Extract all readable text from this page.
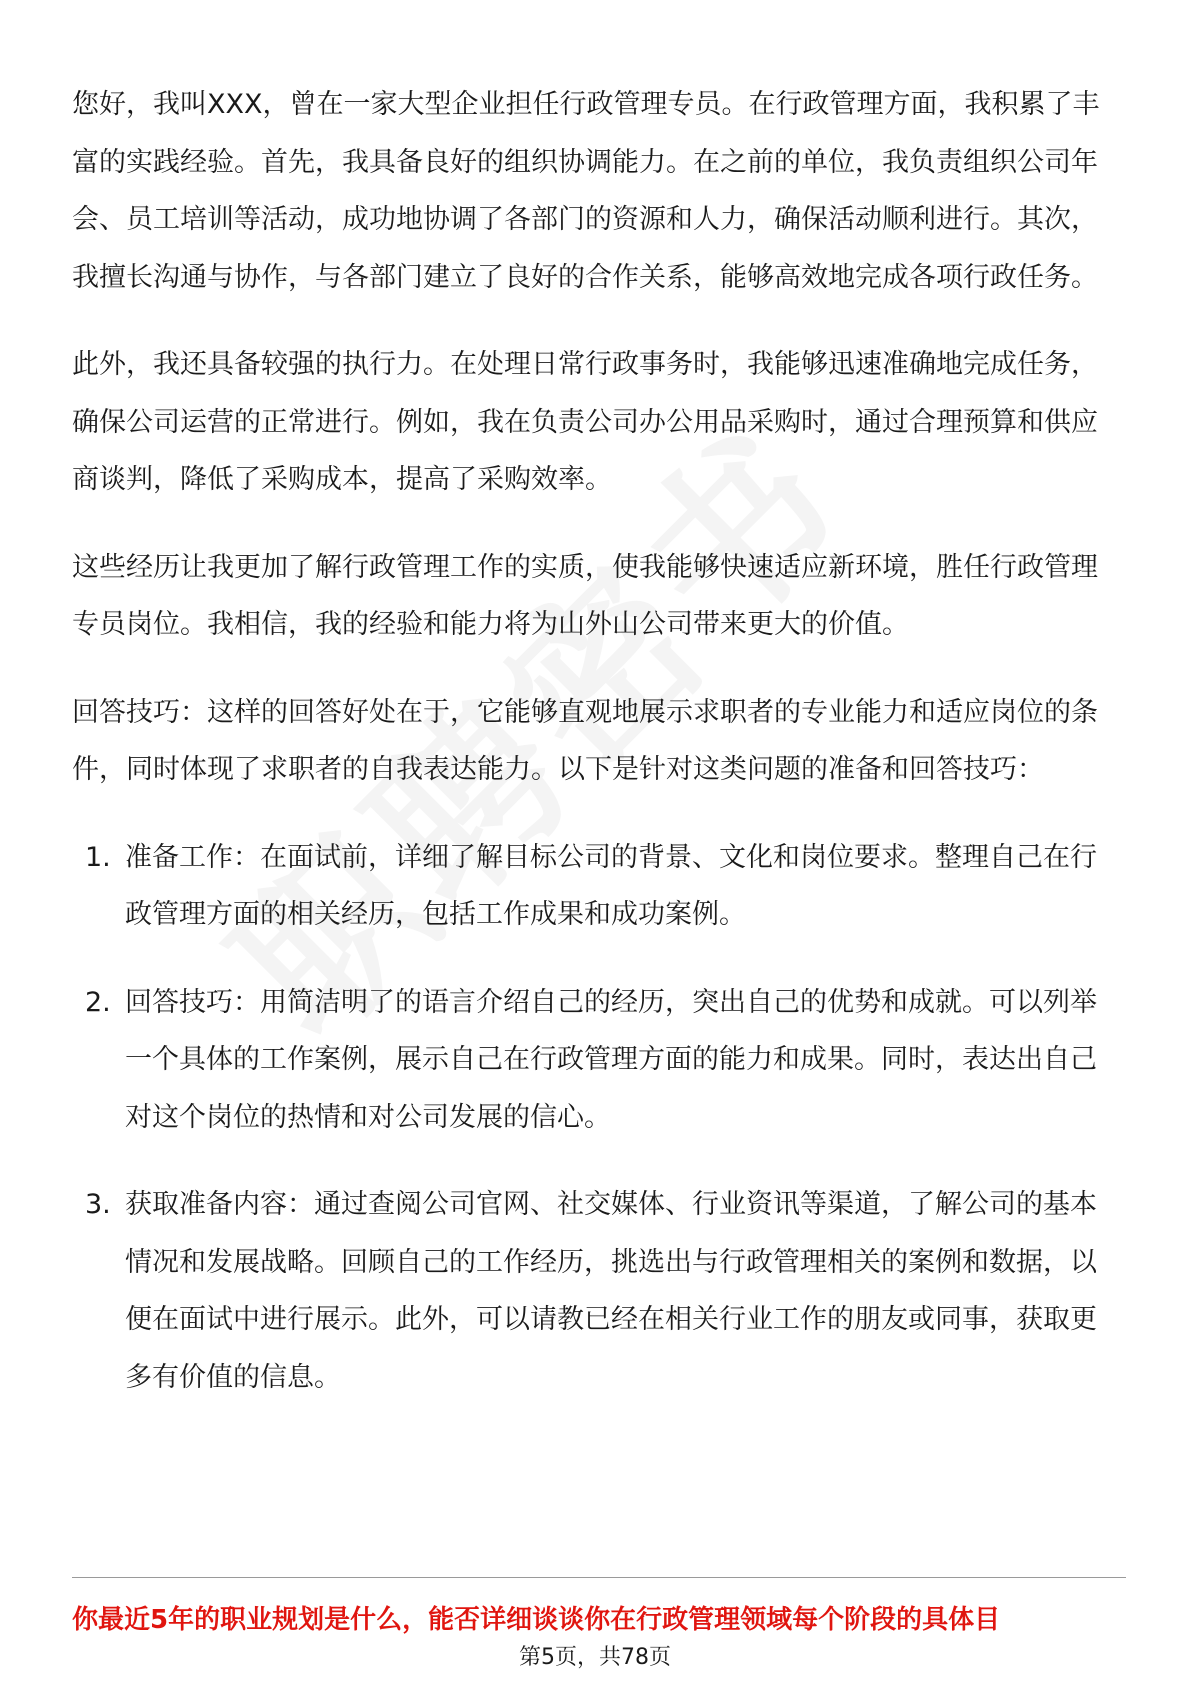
您好，我叫XXX，曾在一家大型企业担任行政管理专员。在行政管理方面，我积累了丰富的实践经验。首先，我具备良好的组织协调能力。在之前的单位，我负责组织公司年会、员工培训等活动，成功地协调了各部门的资源和人力，确保活动顺利进行。其次，我擅长沟通与协作，与各部门建立了良好的合作关系，能够高效地完成各项行政任务。

此外，我还具备较强的执行力。在处理日常行政事务时，我能够迅速准确地完成任务，确保公司运营的正常进行。例如，我在负责公司办公用品采购时，通过合理预算和供应商谈判，降低了采购成本，提高了采购效率。

这些经历让我更加了解行政管理工作的实质，使我能够快速适应新环境，胜任行政管理专员岗位。我相信，我的经验和能力将为山外山公司带来更大的价值。

回答技巧：这样的回答好处在于，它能够直观地展示求职者的专业能力和适应岗位的条件，同时体现了求职者的自我表达能力。以下是针对这类问题的准备和回答技巧：

1. 准备工作：在面试前，详细了解目标公司的背景、文化和岗位要求。整理自己在行政管理方面的相关经历，包括工作成果和成功案例。
2. 回答技巧：用简洁明了的语言介绍自己的经历，突出自己的优势和成就。可以列举一个具体的工作案例，展示自己在行政管理方面的能力和成果。同时，表达出自己对这个岗位的热情和对公司发展的信心。
3. 获取准备内容：通过查阅公司官网、社交媒体、行业资讯等渠道，了解公司的基本情况和发展战略。回顾自己的工作经历，挑选出与行政管理相关的案例和数据，以便在面试中进行展示。此外，可以请教已经在相关行业工作的朋友或同事，获取更多有价值的信息。
你最近5年的职业规划是什么，能否详细谈谈你在行政管理领域每个阶段的具体目
第5页，共78页
